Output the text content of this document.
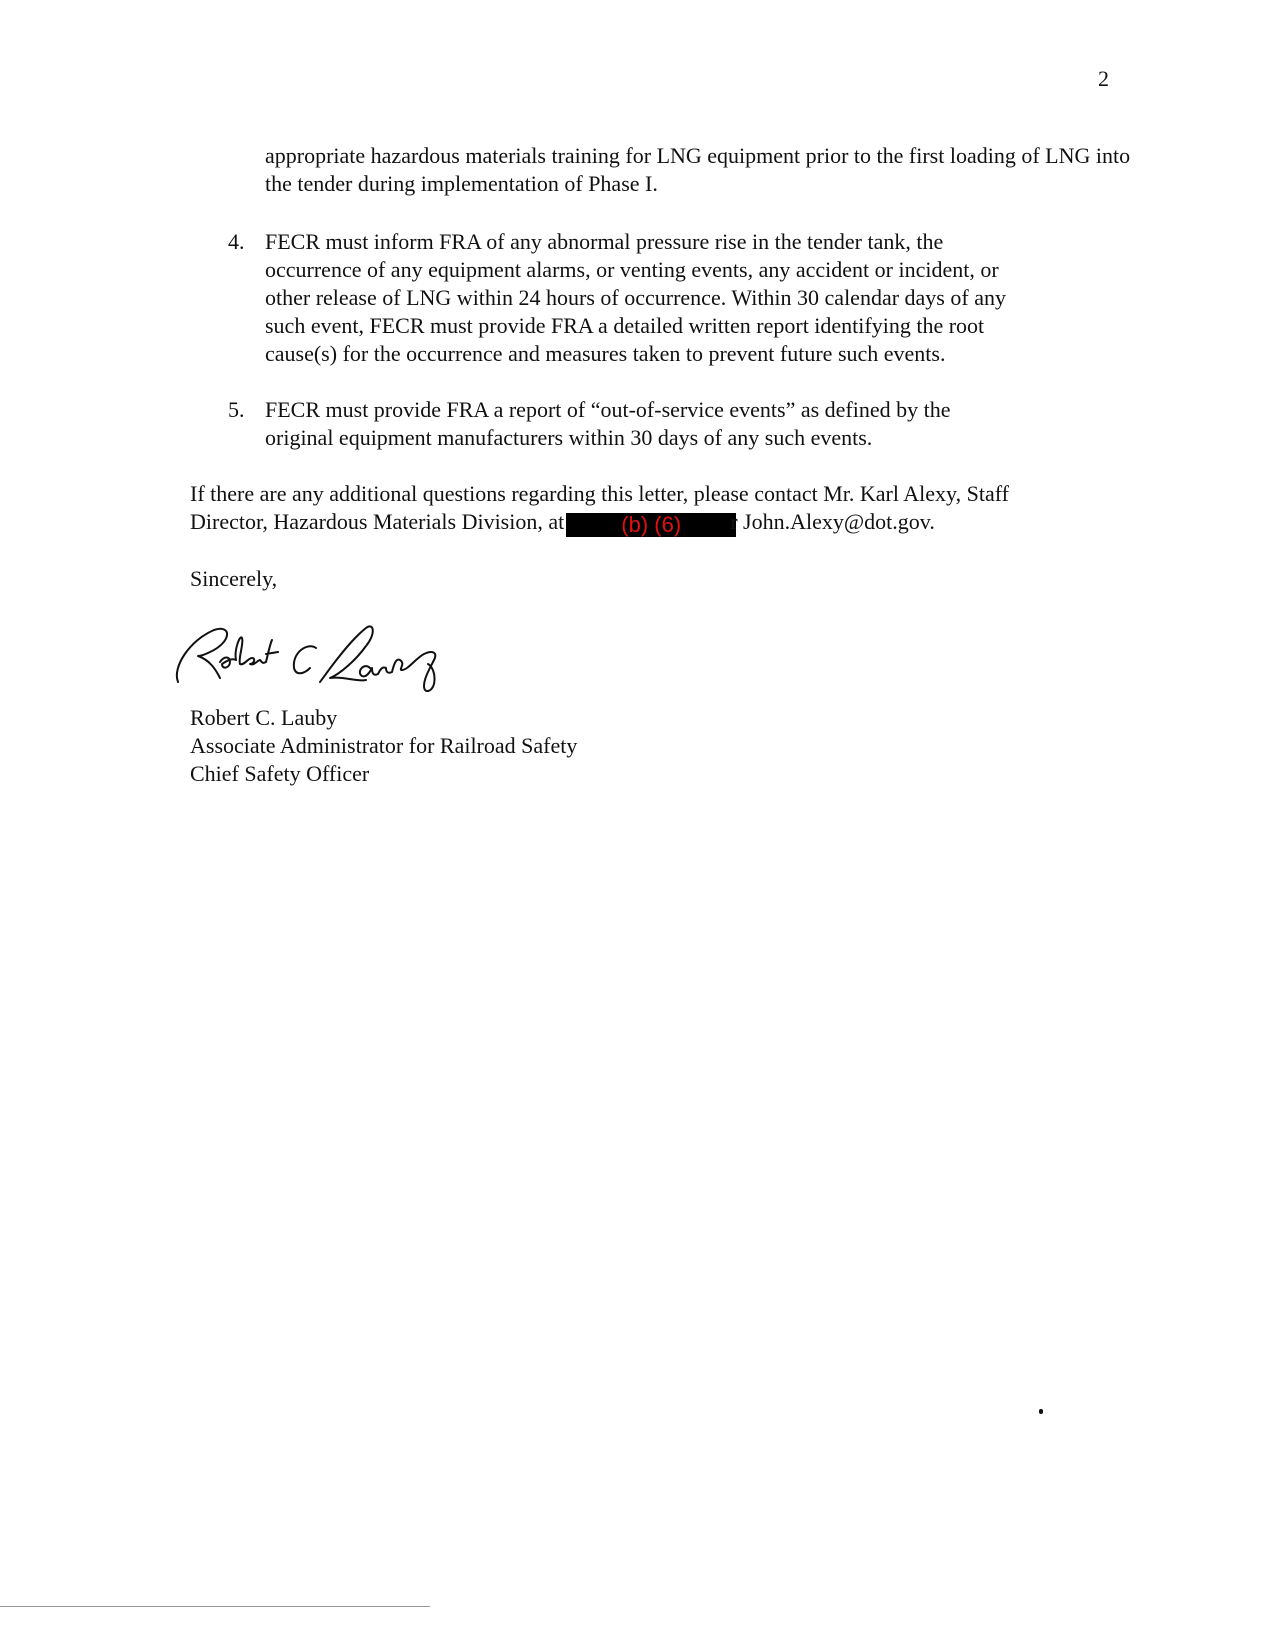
2
appropriate hazardous materials training for LNG equipment prior to the first loading of LNG into the tender during implementation of Phase I.
4. FECR must inform FRA of any abnormal pressure rise in the tender tank, the
occurrence of any equipment alarms, or venting events, any accident or incident, or
other release of LNG within 24 hours of occurrence. Within 30 calendar days of any
such event, FECR must provide FRA a detailed written report identifying the root
cause(s) for the occurrence and measures taken to prevent future such events.
5. FECR must provide FRA a report of “out-of-service events” as defined by the
original equipment manufacturers within 30 days of any such events.
If there are any additional questions regarding this letter, please contact Mr. Karl Alexy, Staff
Director, Hazardous Materials Division, at	(b) (6) r John.Alexy@dot.gov.
Sincerely,
Robert C. Lauby
Associate Administrator for Railroad Safety
Chief Safety Officer
